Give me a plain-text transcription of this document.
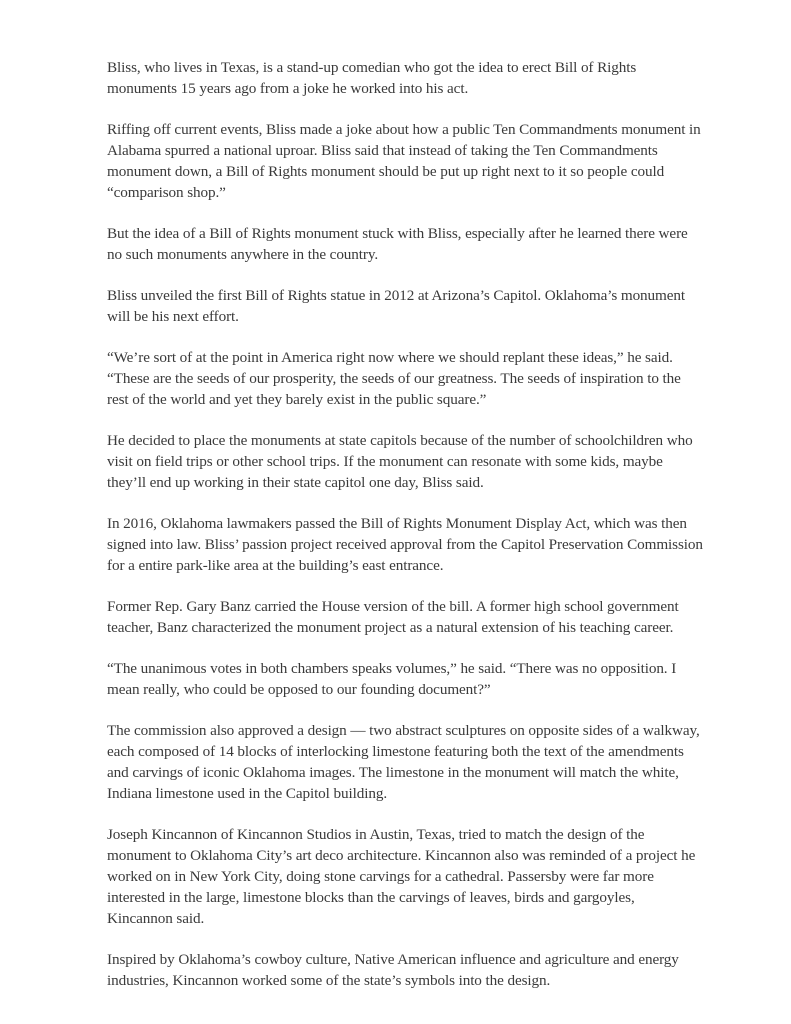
Bliss, who lives in Texas, is a stand-up comedian who got the idea to erect Bill of Rights monuments 15 years ago from a joke he worked into his act.

Riffing off current events, Bliss made a joke about how a public Ten Commandments monument in Alabama spurred a national uproar. Bliss said that instead of taking the Ten Commandments monument down, a Bill of Rights monument should be put up right next to it so people could “comparison shop.”

But the idea of a Bill of Rights monument stuck with Bliss, especially after he learned there were no such monuments anywhere in the country.

Bliss unveiled the first Bill of Rights statue in 2012 at Arizona’s Capitol. Oklahoma’s monument will be his next effort.

“We’re sort of at the point in America right now where we should replant these ideas,” he said. “These are the seeds of our prosperity, the seeds of our greatness. The seeds of inspiration to the rest of the world and yet they barely exist in the public square.”

He decided to place the monuments at state capitols because of the number of schoolchildren who visit on field trips or other school trips. If the monument can resonate with some kids, maybe they’ll end up working in their state capitol one day, Bliss said.

In 2016, Oklahoma lawmakers passed the Bill of Rights Monument Display Act, which was then signed into law. Bliss’ passion project received approval from the Capitol Preservation Commission for a entire park-like area at the building’s east entrance.

Former Rep. Gary Banz carried the House version of the bill. A former high school government teacher, Banz characterized the monument project as a natural extension of his teaching career.

“The unanimous votes in both chambers speaks volumes,” he said. “There was no opposition. I mean really, who could be opposed to our founding document?”

The commission also approved a design — two abstract sculptures on opposite sides of a walkway, each composed of 14 blocks of interlocking limestone featuring both the text of the amendments and carvings of iconic Oklahoma images. The limestone in the monument will match the white, Indiana limestone used in the Capitol building.

Joseph Kincannon of Kincannon Studios in Austin, Texas, tried to match the design of the monument to Oklahoma City’s art deco architecture. Kincannon also was reminded of a project he worked on in New York City, doing stone carvings for a cathedral. Passersby were far more interested in the large, limestone blocks than the carvings of leaves, birds and gargoyles, Kincannon said.

Inspired by Oklahoma’s cowboy culture, Native American influence and agriculture and energy industries, Kincannon worked some of the state’s symbols into the design.
